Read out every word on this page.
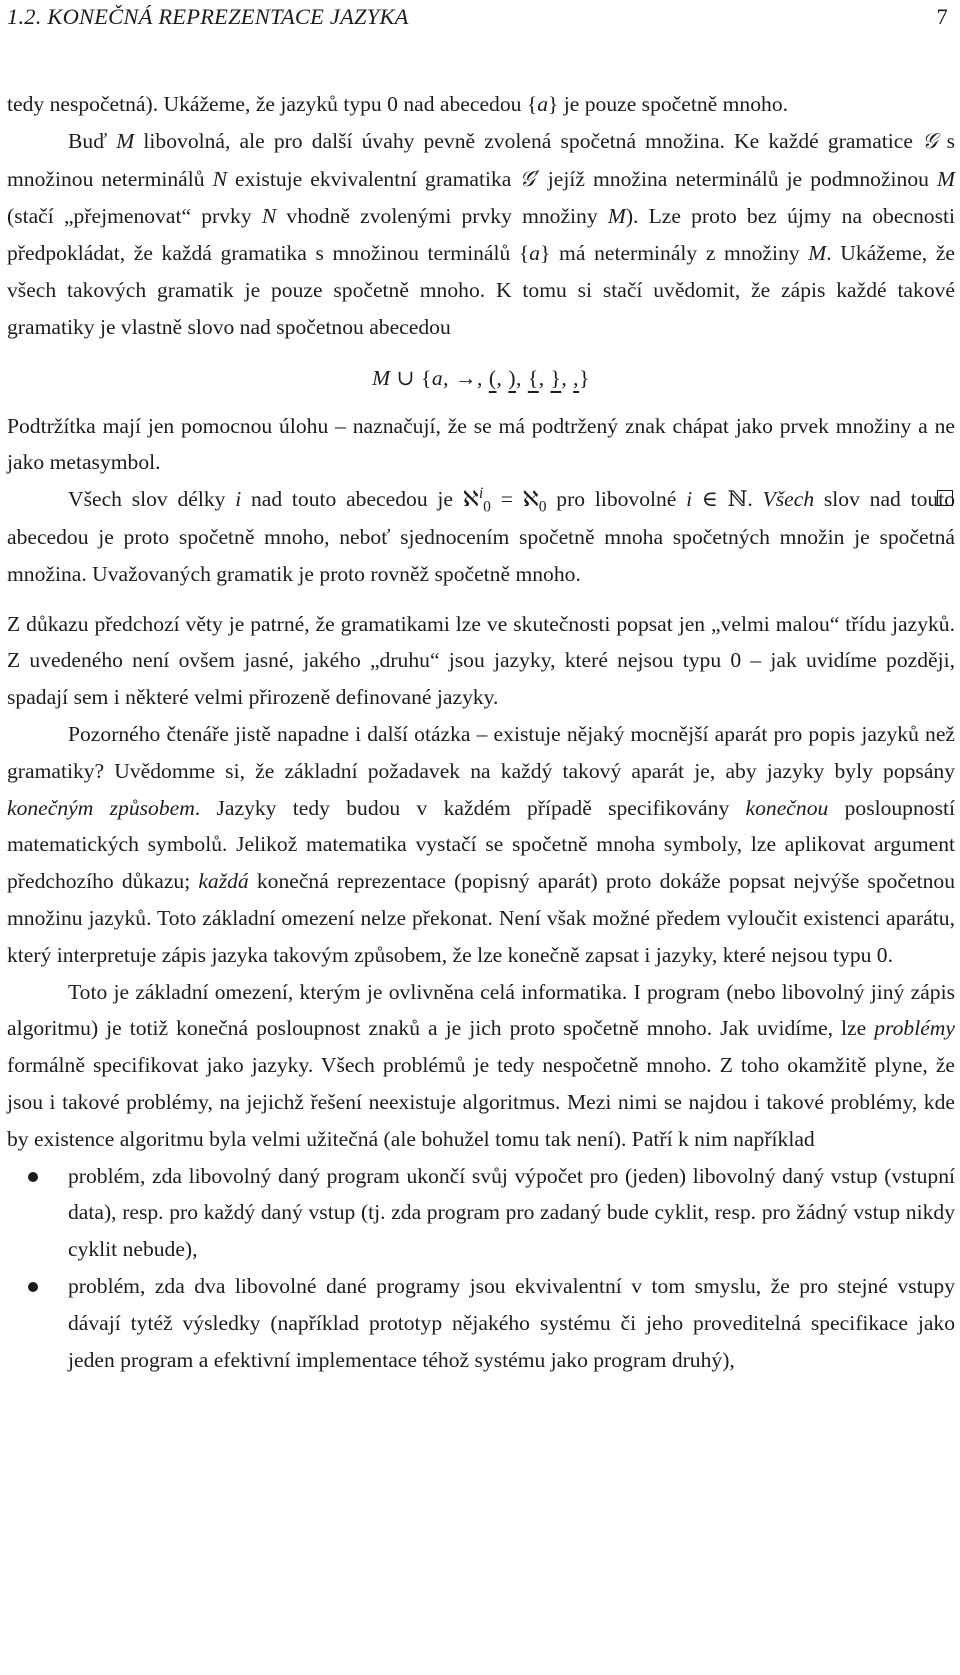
1.2. KONEČNÁ REPREZENTACE JAZYKA	7

tedy nespočetná). Ukážeme, že jazyků typu 0 nad abecedou {a} je pouze spočetně mnoho.

Buď M libovolná, ale pro další úvahy pevně zvolená spočetná množina. Ke každé gramatice 𝒢 s množinou neterminálů N existuje ekvivalentní gramatika 𝒢′ jejíž množina neterminálů je podmnožinou M (stačí „přejmenovat“ prvky N vhodně zvolenými prvky množiny M). Lze proto bez újmy na obecnosti předpokládat, že každá gramatika s množinou terminálů {a} má neterminály z množiny M. Ukážeme, že všech takových gramatik je pouze spočetně mnoho. K tomu si stačí uvědomit, že zápis každé takové gramatiky je vlastně slovo nad spočetnou abecedou

M ∪ {a, →, (, ), {, }, ,}

Podtržítka mají jen pomocnou úlohu – naznačují, že se má podtržený znak chápat jako prvek množiny a ne jako metasymbol.

Všech slov délky i nad touto abecedou je ℵ$^i_0$ = ℵ$_0$ pro libovolné i ∈ ℕ. Všech slov nad touto abecedou je proto spočetně mnoho, neboť sjednocením spočetně mnoha spočetných množin je spočetná množina. Uvažovaných gramatik je proto rovněž spočetně mnoho.

Z důkazu předchozí věty je patrné, že gramatikami lze ve skutečnosti popsat jen „velmi malou“ třídu jazyků. Z uvedeného není ovšem jasné, jakého „druhu“ jsou jazyky, které nejsou typu 0 – jak uvidíme později, spadají sem i některé velmi přirozeně definované jazyky.

Pozorného čtenáře jistě napadne i další otázka – existuje nějaký mocnější aparát pro popis jazyků než gramatiky? Uvědomme si, že základní požadavek na každý takový aparát je, aby jazyky byly popsány konečným způsobem. Jazyky tedy budou v každém případě specifikovány konečnou posloupností matematických symbolů. Jelikož matematika vystačí se spočetně mnoha symboly, lze aplikovat argument předchozího důkazu; každá konečná reprezentace (popisný aparát) proto dokáže popsat nejvýše spočetnou množinu jazyků. Toto základní omezení nelze překonat. Není však možné předem vyloučit existenci aparátu, který interpretuje zápis jazyka takovým způsobem, že lze konečně zapsat i jazyky, které nejsou typu 0.

Toto je základní omezení, kterým je ovlivněna celá informatika. I program (nebo libovolný jiný zápis algoritmu) je totiž konečná posloupnost znaků a je jich proto spočetně mnoho. Jak uvidíme, lze problémy formálně specifikovat jako jazyky. Všech problémů je tedy nespočetně mnoho. Z toho okamžitě plyne, že jsou i takové problémy, na jejichž řešení neexistuje algoritmus. Mezi nimi se najdou i takové problémy, kde by existence algoritmu byla velmi užitečná (ale bohužel tomu tak není). Patří k nim například

problém, zda libovolný daný program ukončí svůj výpočet pro (jeden) libovolný daný vstup (vstupní data), resp. pro každý daný vstup (tj. zda program pro zadaný bude cyklit, resp. pro žádný vstup nikdy cyklit nebude),
problém, zda dva libovolné dané programy jsou ekvivalentní v tom smyslu, že pro stejné vstupy dávají tytéž výsledky (například prototyp nějakého systému či jeho proveditelná specifikace jako jeden program a efektivní implementace téhož systému jako program druhý),
